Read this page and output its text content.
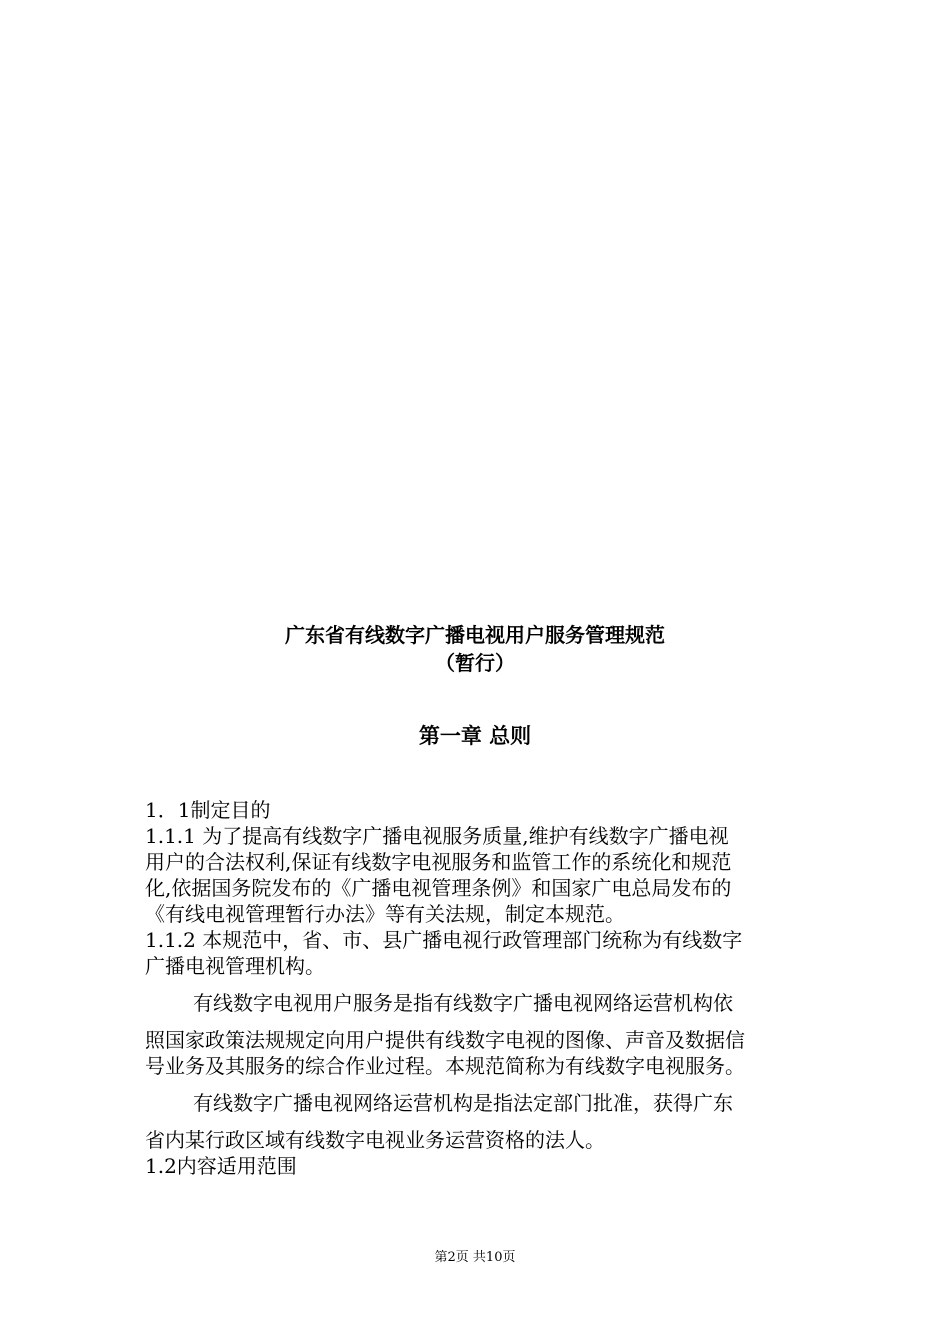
广东省有线数字广播电视用户服务管理规范
（暂行）
第一章 总则
1．1制定目的
1.1.1 为了提高有线数字广播电视服务质量,维护有线数字广播电视
用户的合法权利,保证有线数字电视服务和监管工作的系统化和规范
化,依据国务院发布的《广播电视管理条例》和国家广电总局发布的
《有线电视管理暂行办法》等有关法规，制定本规范。
1.1.2 本规范中，省、市、县广播电视行政管理部门统称为有线数字
广播电视管理机构。
有线数字电视用户服务是指有线数字广播电视网络运营机构依
照国家政策法规规定向用户提供有线数字电视的图像、声音及数据信
号业务及其服务的综合作业过程。本规范简称为有线数字电视服务。
有线数字广播电视网络运营机构是指法定部门批准，获得广东
省内某行政区域有线数字电视业务运营资格的法人。
1.2内容适用范围
第2页 共10页
